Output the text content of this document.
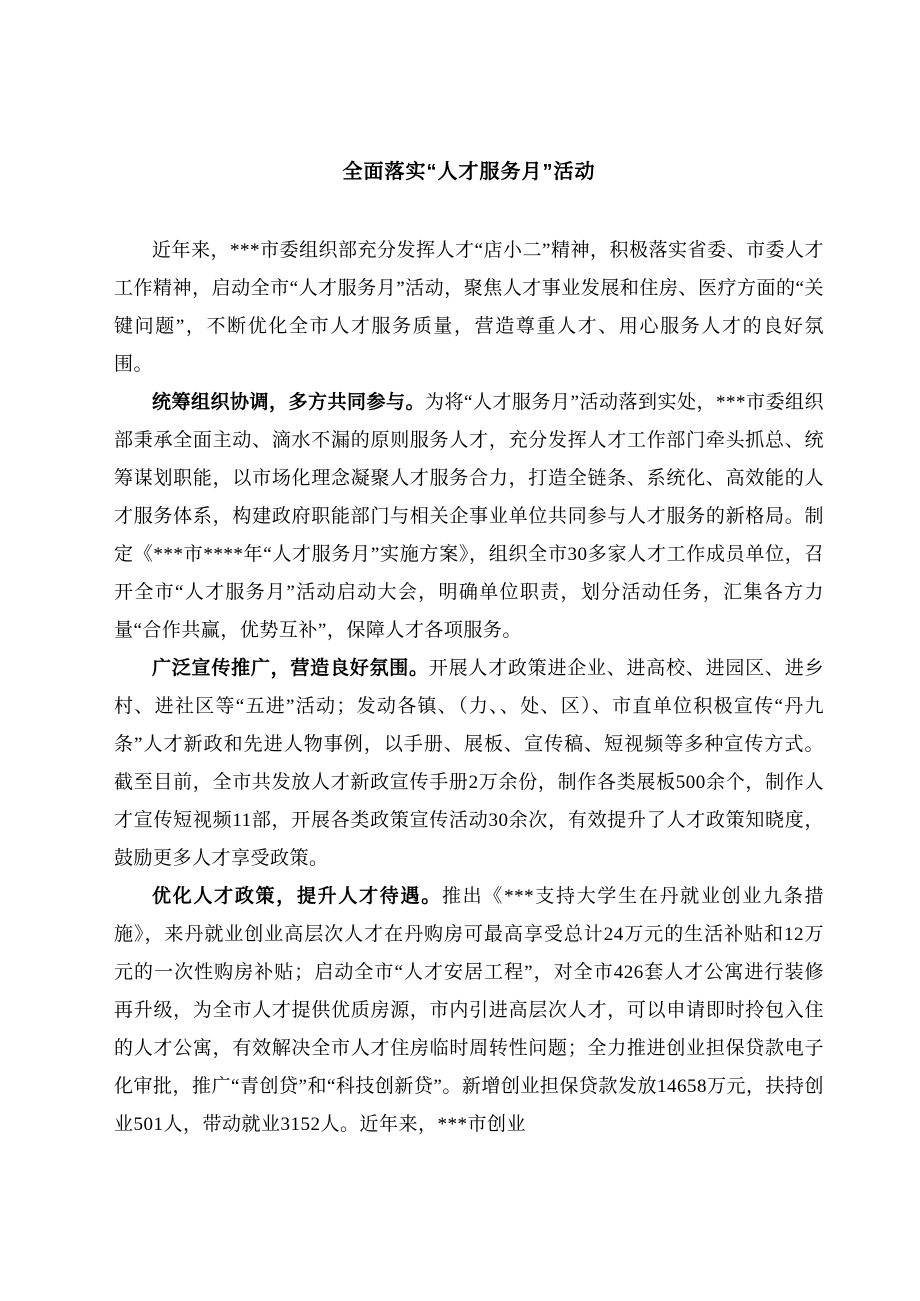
全面落实“人才服务月”活动

近年来，***市委组织部充分发挥人才“店小二”精神，积极落实省委、市委人才工作精神，启动全市“人才服务月”活动，聚焦人才事业发展和住房、医疗方面的“关键问题”，不断优化全市人才服务质量，营造尊重人才、用心服务人才的良好氛围。

统筹组织协调，多方共同参与。为将“人才服务月”活动落到实处，***市委组织部秉承全面主动、滴水不漏的原则服务人才，充分发挥人才工作部门牵头抓总、统筹谋划职能，以市场化理念凝聚人才服务合力，打造全链条、系统化、高效能的人才服务体系，构建政府职能部门与相关企事业单位共同参与人才服务的新格局。制定《***市****年“人才服务月”实施方案》，组织全市30多家人才工作成员单位，召开全市“人才服务月”活动启动大会，明确单位职责，划分活动任务，汇集各方力量“合作共赢，优势互补”，保障人才各项服务。

广泛宣传推广，营造良好氛围。开展人才政策进企业、进高校、进园区、进乡村、进社区等“五进”活动；发动各镇、（力、、处、区）、市直单位积极宣传“丹九条”人才新政和先进人物事例，以手册、展板、宣传稿、短视频等多种宣传方式。截至目前，全市共发放人才新政宣传手册2万余份，制作各类展板500余个，制作人才宣传短视频11部，开展各类政策宣传活动30余次，有效提升了人才政策知晓度，鼓励更多人才享受政策。

优化人才政策，提升人才待遇。推出《***支持大学生在丹就业创业九条措施》，来丹就业创业高层次人才在丹购房可最高享受总计24万元的生活补贴和12万元的一次性购房补贴；启动全市“人才安居工程”，对全市426套人才公寓进行装修再升级，为全市人才提供优质房源，市内引进高层次人才，可以申请即时拎包入住的人才公寓，有效解决全市人才住房临时周转性问题；全力推进创业担保贷款电子化审批，推广“青创贷”和“科技创新贷”。新增创业担保贷款发放14658万元，扶持创业501人，带动就业3152人。近年来，***市创业
